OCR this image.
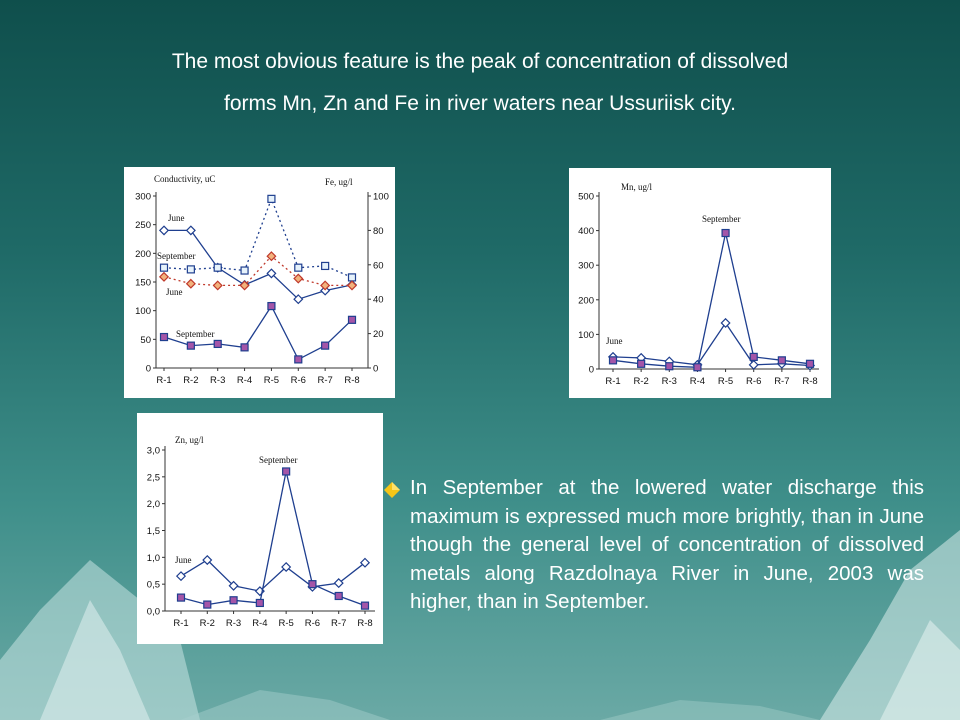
The most obvious feature is the peak of concentration of dissolved
forms Mn, Zn and Fe in river waters near Ussuriisk city.
0
50
100
150
200
250
300
0
20
40
60
80
100
R-1 R-2 R-3 R-4 R-5 R-6 R-7 R-8
Conductivity, uC	Fe, ug/l
June
September
June
September
0
100
200
300
400
500
R-1 R-2 R-3 R-4 R-5 R-6 R-7 R-8
Mn, ug/l
June
September
0,0
0,5
1,0
1,5
2,0
2,5
3,0
R-1 R-2 R-3 R-4 R-5 R-6 R-7 R-8
Zn, ug/l
June
September
In September at the lowered water discharge this maximum is expressed much more brightly, than in June though the general level of concentration of dissolved metals along Razdolnaya River in June, 2003 was higher, than in September.
